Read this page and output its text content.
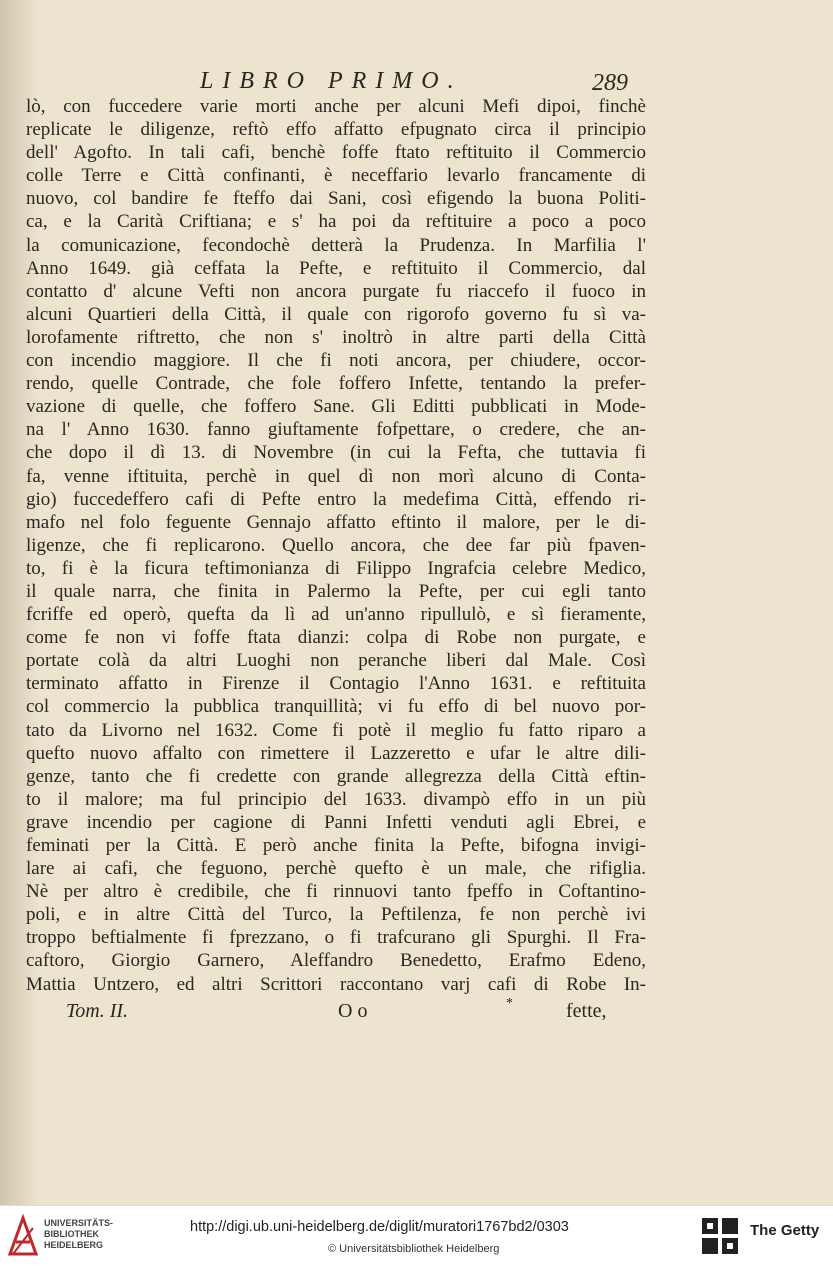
LIBRO PRIMO.	289
lò, con fuccedere varie morti anche per alcuni Mefi dipoi, finchè
replicate le diligenze, reftò effo affatto efpugnato circa il principio
dell' Agofto. In tali cafi, benchè foffe ftato reftituito il Commercio
colle Terre e Città confinanti, è neceffario levarlo francamente di
nuovo, col bandire fe fteffo dai Sani, così efigendo la buona Politi-
ca, e la Carità Criftiana; e s' ha poi da reftituire a poco a poco
la comunicazione, fecondochè detterà la Prudenza. In Marfilia l'
Anno 1649. già ceffata la Pefte, e reftituito il Commercio, dal
contatto d' alcune Vefti non ancora purgate fu riaccefo il fuoco in
alcuni Quartieri della Città, il quale con rigorofo governo fu sì va-
lorofamente riftretto, che non s' inoltrò in altre parti della Città
con incendio maggiore. Il che fi noti ancora, per chiudere, occor-
rendo, quelle Contrade, che fole foffero Infette, tentando la prefer-
vazione di quelle, che foffero Sane. Gli Editti pubblicati in Mode-
na l' Anno 1630. fanno giuftamente fofpettare, o credere, che an-
che dopo il dì 13. di Novembre (in cui la Fefta, che tuttavia fi
fa, venne iftituita, perchè in quel dì non morì alcuno di Conta-
gio) fuccedeffero cafi di Pefte entro la medefima Città, effendo ri-
mafo nel folo feguente Gennajo affatto eftinto il malore, per le di-
ligenze, che fi replicarono. Quello ancora, che dee far più fpaven-
to, fi è la ficura teftimonianza di Filippo Ingrafcia celebre Medico,
il quale narra, che finita in Palermo la Pefte, per cui egli tanto
fcriffe ed operò, quefta da lì ad un'anno ripullulò, e sì fieramente,
come fe non vi foffe ftata dianzi: colpa di Robe non purgate, e
portate colà da altri Luoghi non peranche liberi dal Male. Così
terminato affatto in Firenze il Contagio l'Anno 1631. e reftituita
col commercio la pubblica tranquillità; vi fu effo di bel nuovo por-
tato da Livorno nel 1632. Come fi potè il meglio fu fatto riparo a
quefto nuovo affalto con rimettere il Lazzeretto e ufar le altre dili-
genze, tanto che fi credette con grande allegrezza della Città eftin-
to il malore; ma ful principio del 1633. divampò effo in un più
grave incendio per cagione di Panni Infetti venduti agli Ebrei, e
feminati per la Città. E però anche finita la Pefte, bifogna invigi-
lare ai cafi, che feguono, perchè quefto è un male, che rifiglia.
Nè per altro è credibile, che fi rinnuovi tanto fpeffo in Coftantino-
poli, e in altre Città del Turco, la Peftilenza, fe non perchè ivi
troppo beftialmente fi fprezzano, o fi trafcurano gli Spurghi. Il Fra-
caftoro, Giorgio Garnero, Aleffandro Benedetto, Erafmo Edeno,
Mattia Untzero, ed altri Scrittori raccontano varj cafi di Robe In-
Tom. II.	O o	*	fette,
UNIVERSITÄTS-
BIBLIOTHEK
HEIDELBERG
http://digi.ub.uni-heidelberg.de/diglit/muratori1767bd2/0303
© Universitätsbibliothek Heidelberg
The Getty
